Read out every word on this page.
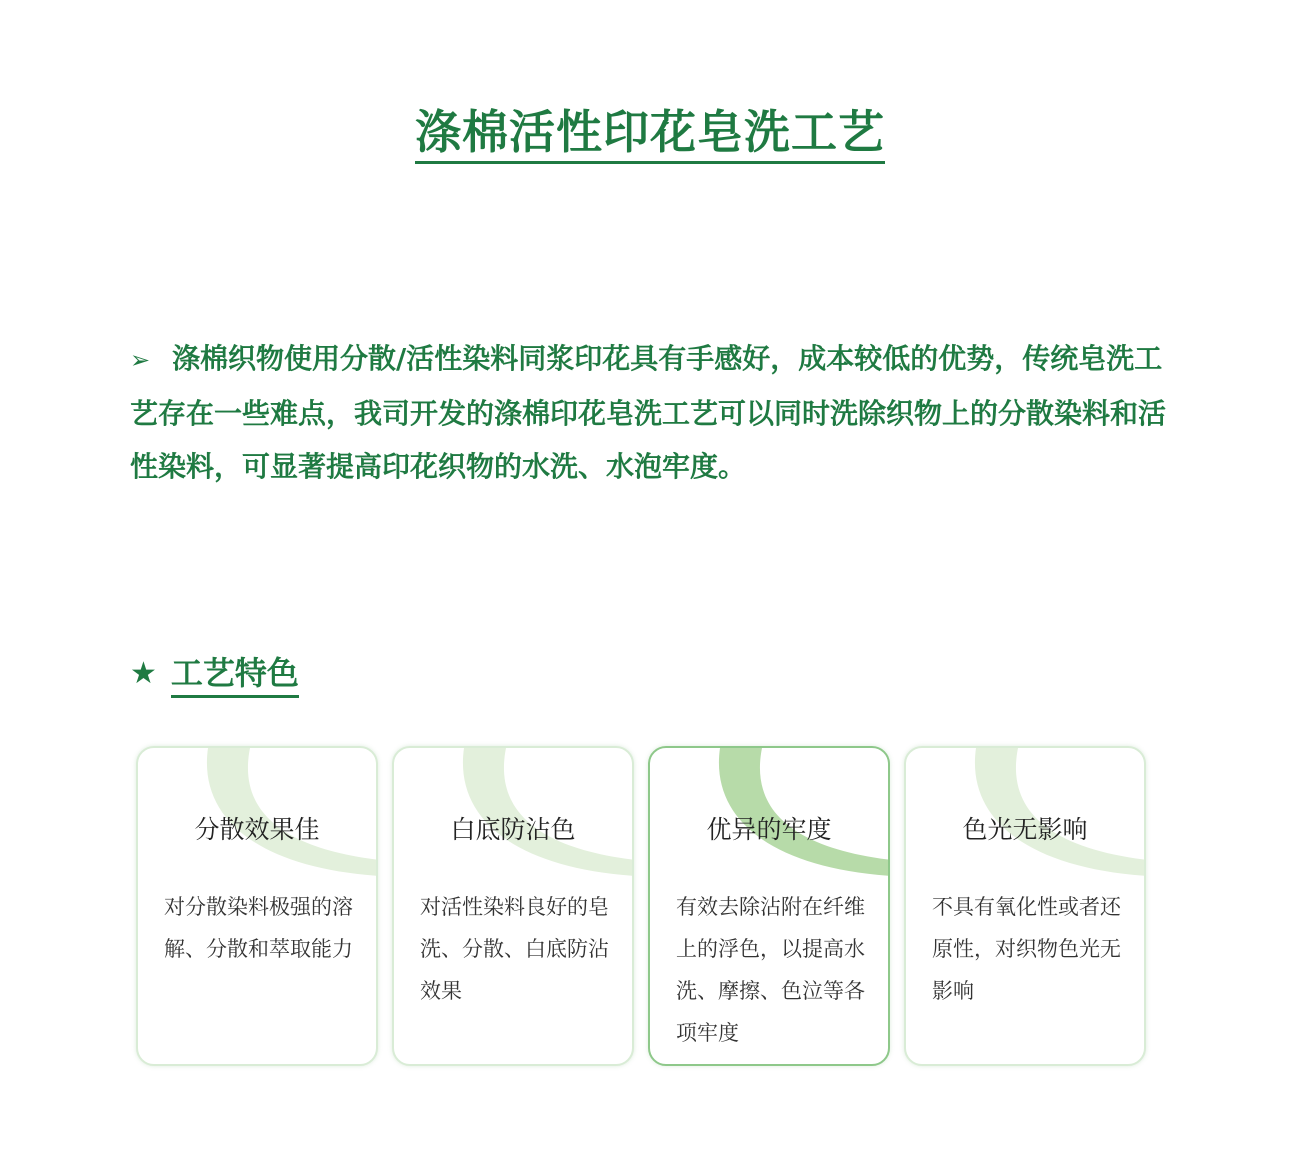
涤棉活性印花皂洗工艺

➢ 涤棉织物使用分散/活性染料同浆印花具有手感好，成本较低的优势，传统皂洗工艺存在一些难点，我司开发的涤棉印花皂洗工艺可以同时洗除织物上的分散染料和活性染料，可显著提高印花织物的水洗、水泡牢度。

★ 工艺特色
分散效果佳
对分散染料极强的溶解、分散和萃取能力
白底防沾色
对活性染料良好的皂洗、分散、白底防沾效果
优异的牢度
有效去除沾附在纤维上的浮色，以提高水洗、摩擦、色泣等各项牢度
色光无影响
不具有氧化性或者还原性，对织物色光无影响
